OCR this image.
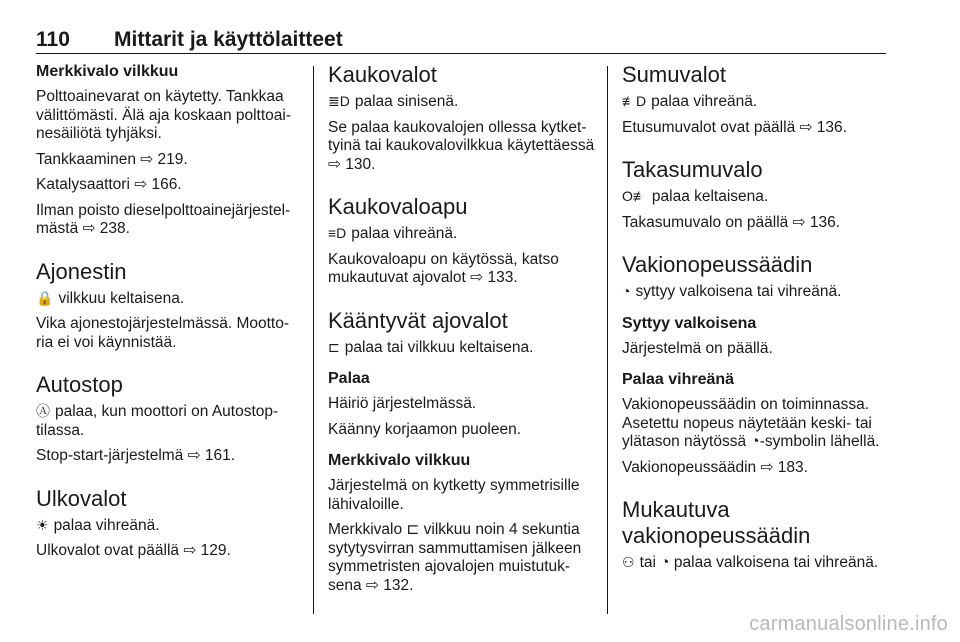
110 Mittarit ja käyttölaitteet
Merkkivalo vilkkuu

Polttoainevarat on käytetty. Tankkaa välittömästi. Älä aja koskaan polttoainesäiliötä tyhjäksi.

Tankkaaminen ⇨ 219.

Katalysaattori ⇨ 166.

Ilman poisto dieselpolttoainejärjestelmästä ⇨ 238.

Ajonestin

🔒 vilkkuu keltaisena.

Vika ajonestojärjestelmässä. Moottoria ei voi käynnistää.

Autostop

Ⓐ palaa, kun moottori on Autostop-tilassa.

Stop-start-järjestelmä ⇨ 161.

Ulkovalot

☀ palaa vihreänä.

Ulkovalot ovat päällä ⇨ 129.

Kaukovalot

≣D palaa sinisenä.

Se palaa kaukovalojen ollessa kytkettyinä tai kaukovalovilkkua käytettäessä ⇨ 130.

Kaukovaloapu

≡D palaa vihreänä.

Kaukovaloapu on käytössä, katso mukautuvat ajovalot ⇨ 133.

Kääntyvät ajovalot

⊏ palaa tai vilkkuu keltaisena.

Palaa

Häiriö järjestelmässä.

Käänny korjaamon puoleen.

Merkkivalo vilkkuu

Järjestelmä on kytketty symmetrisille lähivaloille.

Merkkivalo ⊏ vilkkuu noin 4 sekuntia sytytysvirran sammuttamisen jälkeen symmetristen ajovalojen muistutuksena ⇨ 132.

Sumuvalot

≢D palaa vihreänä.

Etusumuvalot ovat päällä ⇨ 136.

Takasumuvalo

O≢ palaa keltaisena.

Takasumuvalo on päällä ⇨ 136.

Vakionopeussäädin

◔ syttyy valkoisena tai vihreänä.

Syttyy valkoisena

Järjestelmä on päällä.

Palaa vihreänä

Vakionopeussäädin on toiminnassa. Asetettu nopeus näytetään keski- tai ylätason näytössä ◔-symbolin lähellä.

Vakionopeussäädin ⇨ 183.

Mukautuva vakionopeussäädin

⚇ tai ◔ palaa valkoisena tai vihreänä.

carmanualsonline.info
